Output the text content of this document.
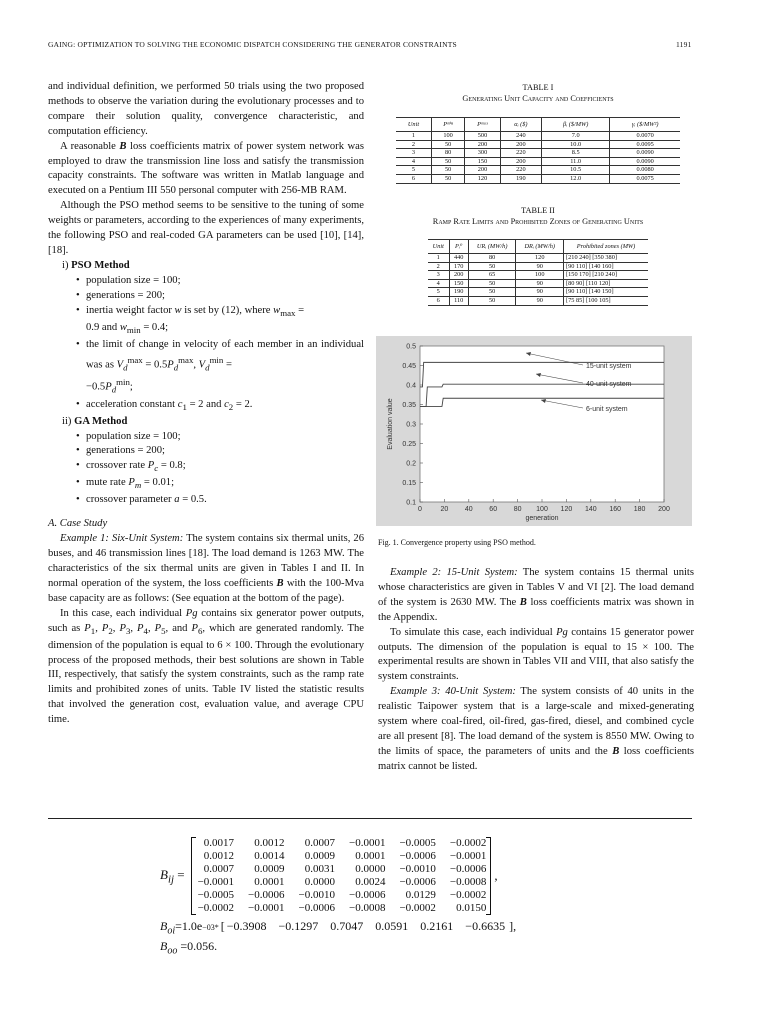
GAING: OPTIMIZATION TO SOLVING THE ECONOMIC DISPATCH CONSIDERING THE GENERATOR CONSTRAINTS	1191

and individual definition, we performed 50 trials using the two proposed methods to observe the variation during the evolutionary processes and to compare their solution quality, convergence characteristic, and computation efficiency.

A reasonable B loss coefficients matrix of power system network was employed to draw the transmission line loss and satisfy the transmission capacity constraints. The software was written in Matlab language and executed on a Pentium III 550 personal computer with 256-MB RAM.

Although the PSO method seems to be sensitive to the tuning of some weights or parameters, according to the experiences of many experiments, the following PSO and real-coded GA parameters can be used [10], [14], [18].

i) PSO Method
• population size = 100;
• generations = 200;
• inertia weight factor w is set by (12), where $w_{max}$ =
0.9 and $w_{min} = 0.4$;
• the limit of change in velocity of each member in an individual was as $V_d^{max} = 0.5P_d^{max}$, $V_d^{min}$ =
$-0.5P_d^{min}$;
• acceleration constant $c_1 = 2$ and $c_2 = 2$.
ii) GA Method
• population size = 100;
• generations = 200;
• crossover rate $P_c = 0.8$;
• mute rate $P_m = 0.01$;
• crossover parameter a = 0.5.

A. Case Study

Example 1: Six-Unit System: The system contains six thermal units, 26 buses, and 46 transmission lines [18]. The load demand is 1263 MW. The characteristics of the six thermal units are given in Tables I and II. In normal operation of the system, the loss coefficients B with the 100-Mva base capacity are as follows: (See equation at the bottom of the page).

In this case, each individual Pg contains six generator power outputs, such as $P_1$, $P_2$, $P_3$, $P_4$, $P_5$, and $P_6$, which are generated randomly. The dimension of the population is equal to 6 × 100. Through the evolutionary process of the proposed methods, their best solutions are shown in Table III, respectively, that satisfy the system constraints, such as the ramp rate limits and prohibited zones of units. Table IV listed the statistic results that involved the generation cost, evaluation value, and average CPU time.

TABLE I
Generating Unit Capacity and Coefficients
Unit	Pᵐⁱⁿ	Pᵐᵃˣ	αᵢ ($)	βᵢ ($/MW)	γᵢ ($/MW²)
1	100	500	240	7.0	0.0070
2	50	200	200	10.0	0.0095
3	80	300	220	8.5	0.0090
4	50	150	200	11.0	0.0090
5	50	200	220	10.5	0.0080
6	50	120	190	12.0	0.0075
TABLE II
Ramp Rate Limits and Prohibited Zones of Generating Units
Unit	Pᵢ⁰	URᵢ (MW/h)	DRᵢ (MW/h)	Prohibited zones (MW)
1	440	80	120	[210 240] [350 380]
2	170	50	90	[90 110] [140 160]
3	200	65	100	[150 170] [210 240]
4	150	50	90	[80 90] [110 120]
5	190	50	90	[90 110] [140 150]
6	110	50	90	[75 85] [100 105]
0.1
0.15
0.2
0.25
0.3
0.35
0.4
0.45
0.5
0	20 40 60 80 100 120 140 160 180 200
generation
Evaluation value
15-unit system
40-unit system
6-unit system
Fig. 1. Convergence property using PSO method.

Example 2: 15-Unit System: The system contains 15 thermal units whose characteristics are given in Tables V and VI [2]. The load demand of the system is 2630 MW. The B loss coefficients matrix was shown in the Appendix.

To simulate this case, each individual Pg contains 15 generator power outputs. The dimension of the population is equal to 15 × 100. The experimental results are shown in Tables VII and VIII, that also satisfy the system constraints.

Example 3: 40-Unit System: The system consists of 40 units in the realistic Taipower system that is a large-scale and mixed-generating system where coal-fired, oil-fired, gas-fired, diesel, and combined cycle are all present [8]. The load demand of the system is 8550 MW. Owing to the limits of space, the parameters of units and the B loss coefficients matrix cannot be listed.

$B_{ij}$ =
0.0017	0.0012	0.0007	−0.0001	−0.0005	−0.0002
0.0012	0.0014	0.0009	0.0001	−0.0006	−0.0001
0.0007	0.0009	0.0031	0.0000	−0.0010	−0.0006
−0.0001	0.0001	0.0000	0.0024	−0.0006	−0.0008
−0.0005	−0.0006	−0.0010	−0.0006	0.0129	−0.0002
−0.0002	−0.0001	−0.0006	−0.0008	−0.0002	0.0150
,
$B_{oi} =1.0e -03*$ [ −0.3908 −0.1297 0.7047 0.0591 0.2161 −0.6635 ],
$B_{oo} =0.056$.
